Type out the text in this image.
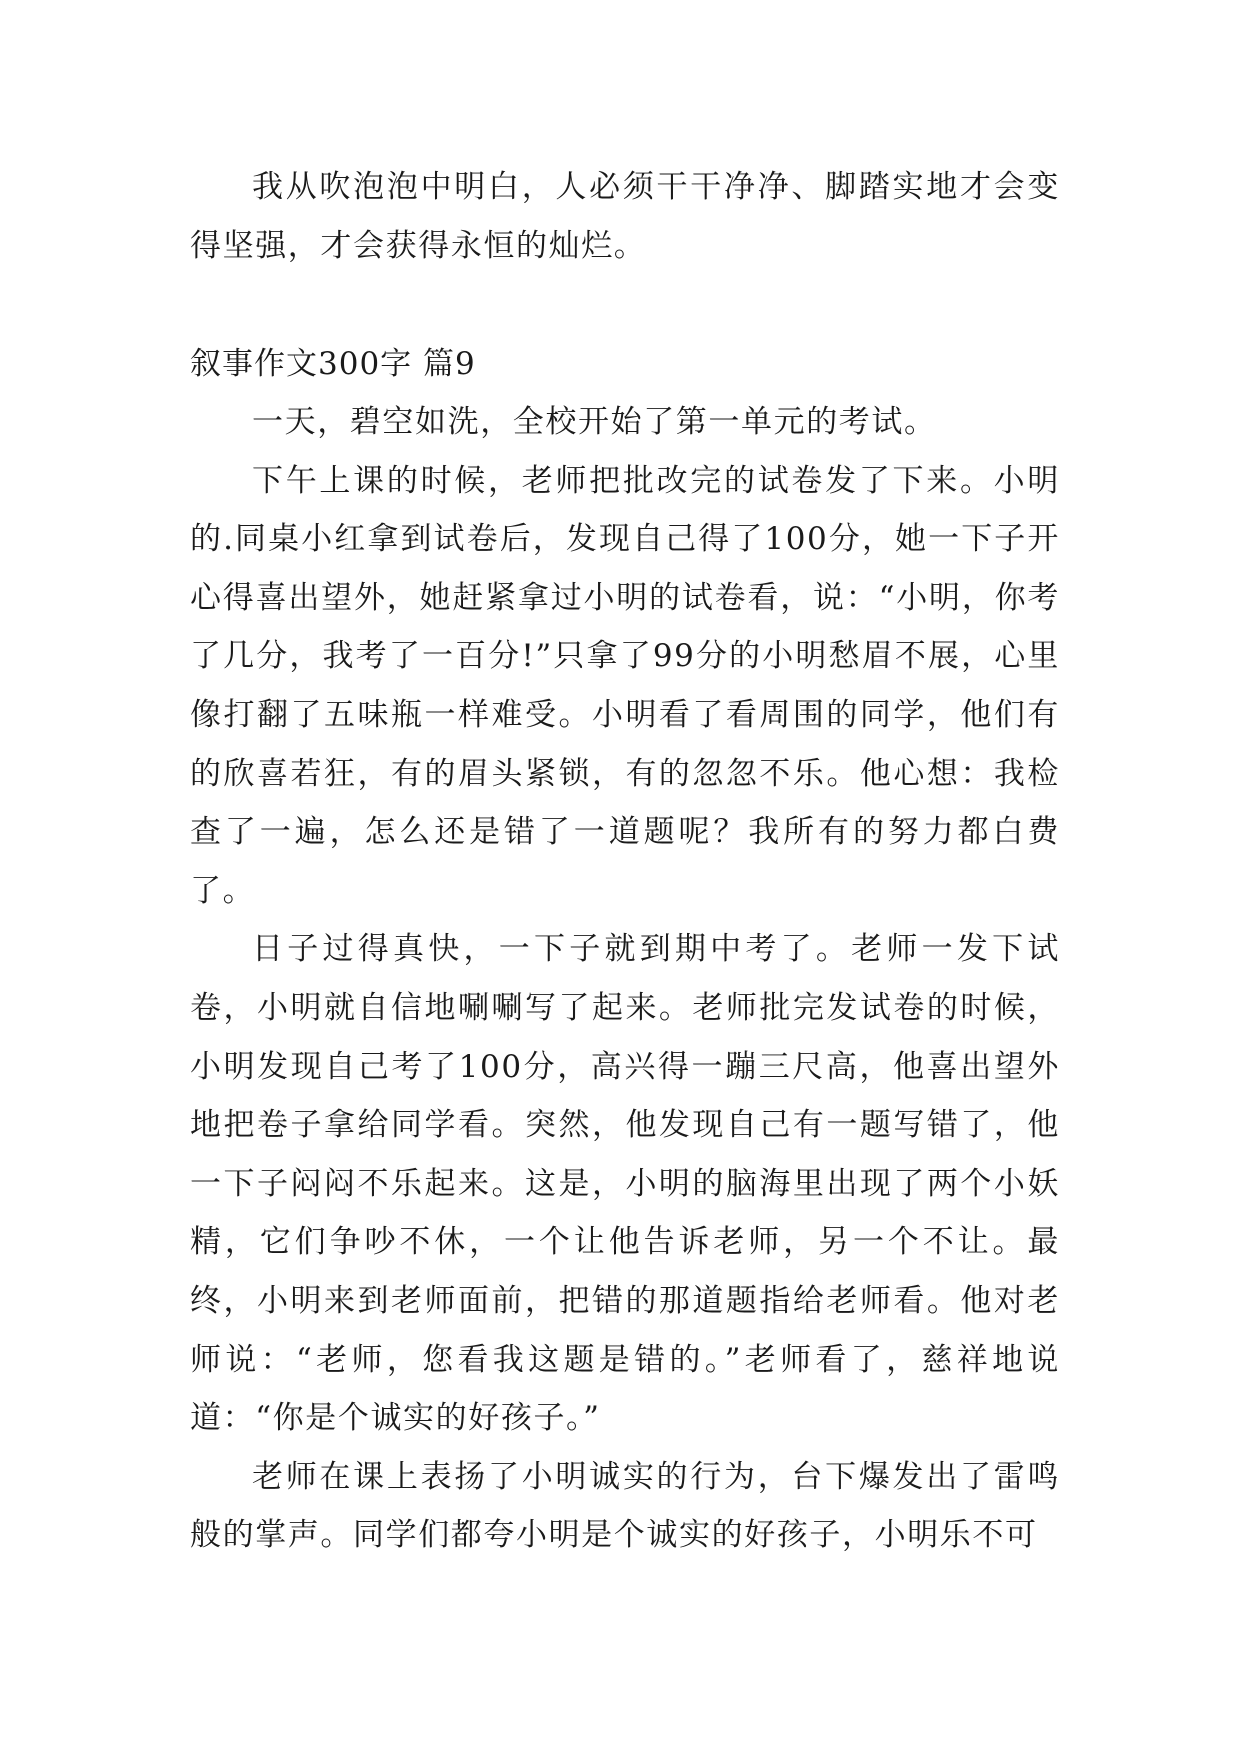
我从吹泡泡中明白，人必须干干净净、脚踏实地才会变得坚强，才会获得永恒的灿烂。

叙事作文300字 篇9

一天，碧空如洗，全校开始了第一单元的考试。

下午上课的时候，老师把批改完的试卷发了下来。小明的.同桌小红拿到试卷后，发现自己得了100分，她一下子开心得喜出望外，她赶紧拿过小明的试卷看，说：“小明，你考了几分，我考了一百分!”只拿了99分的小明愁眉不展，心里像打翻了五味瓶一样难受。小明看了看周围的同学，他们有的欣喜若狂，有的眉头紧锁，有的忽忽不乐。他心想：我检查了一遍，怎么还是错了一道题呢？我所有的努力都白费了。

日子过得真快，一下子就到期中考了。老师一发下试卷，小明就自信地唰唰写了起来。老师批完发试卷的时候，小明发现自己考了100分，高兴得一蹦三尺高，他喜出望外地把卷子拿给同学看。突然，他发现自己有一题写错了，他一下子闷闷不乐起来。这是，小明的脑海里出现了两个小妖精，它们争吵不休，一个让他告诉老师，另一个不让。最终，小明来到老师面前，把错的那道题指给老师看。他对老师说：“老师，您看我这题是错的。”老师看了，慈祥地说道：“你是个诚实的好孩子。”

老师在课上表扬了小明诚实的行为，台下爆发出了雷鸣般的掌声。同学们都夸小明是个诚实的好孩子，小明乐不可
